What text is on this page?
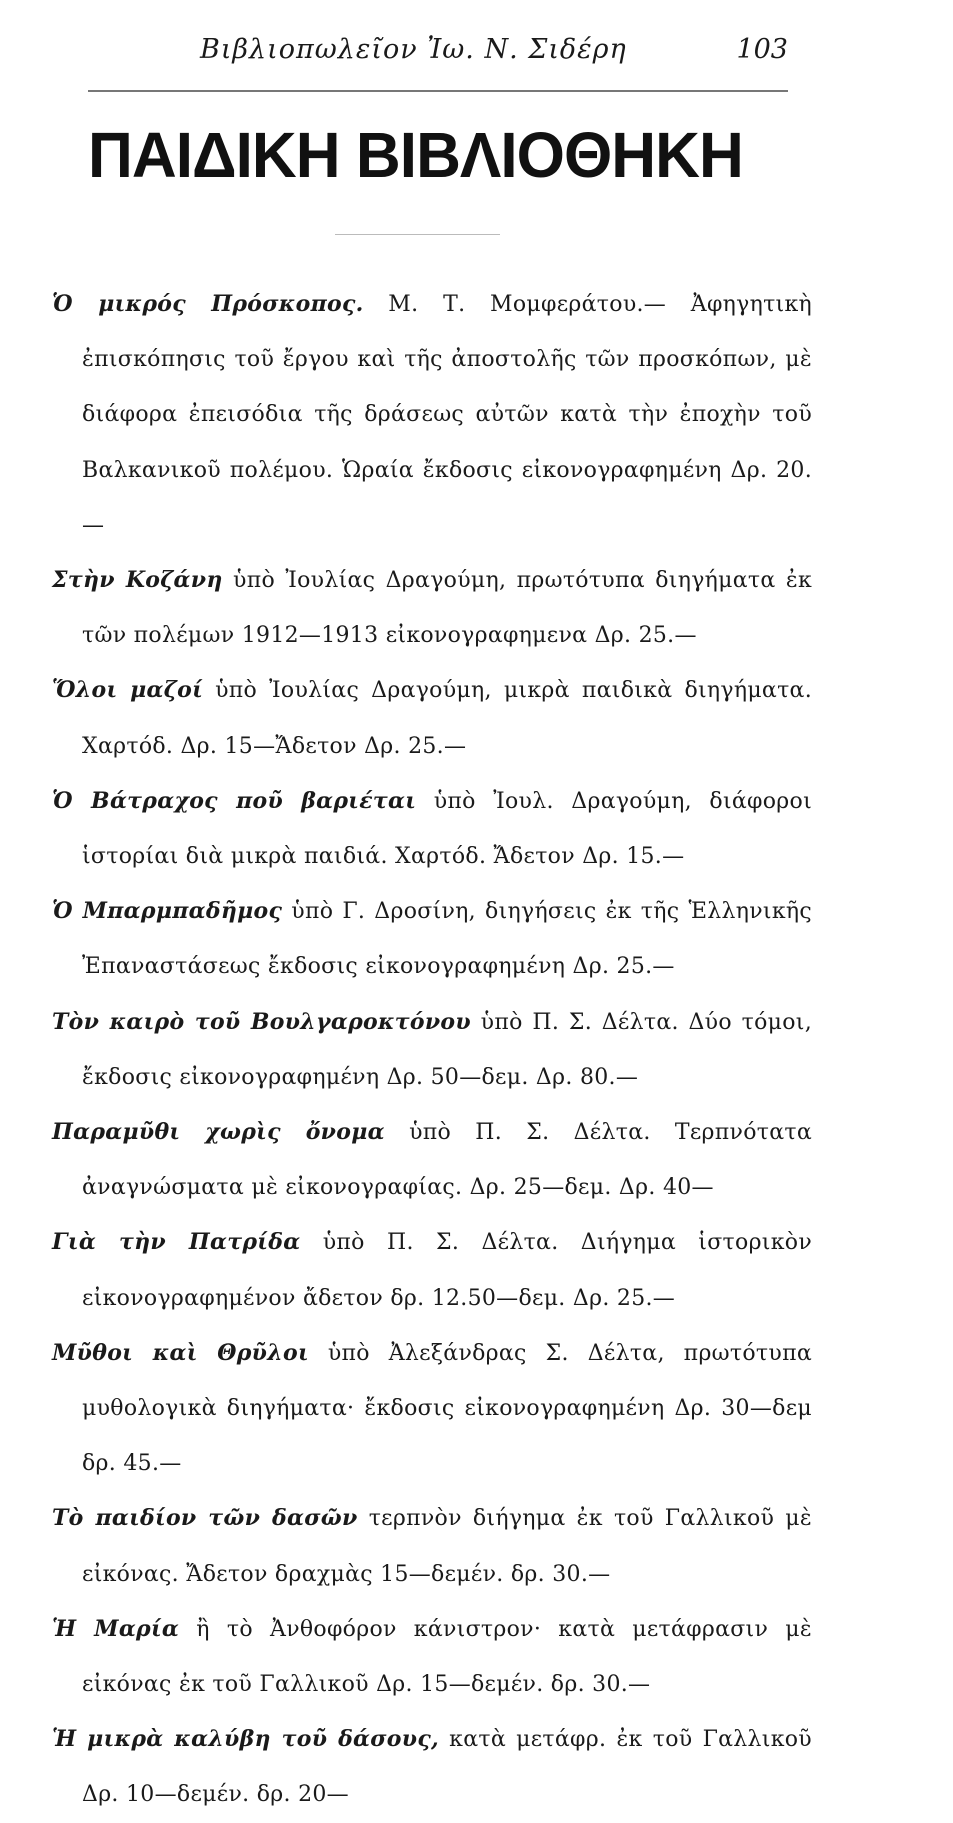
Βιβλιοπωλεῖον Ἰω. Ν. Σιδέρη	103
ΠΑΙΔΙΚΗ ΒΙΒΛΙΟΘΗΚΗ

Ὁ μικρός Πρόσκοπος. Μ. Τ. Μομφεράτου.— Ἀφηγητικὴ ἐπισκόπησις τοῦ ἔργου καὶ τῆς ἀποστολῆς τῶν προσκόπων, μὲ διάφορα ἐπεισόδια τῆς δράσεως αὐτῶν κατὰ τὴν ἐποχὴν τοῦ Βαλκανικοῦ πολέμου. Ὡραία ἔκδοσις εἰκονογραφημένη Δρ. 20.—

Στὴν Κοζάνη ὑπὸ Ἰουλίας Δραγούμη, πρωτότυπα διηγήματα ἐκ τῶν πολέμων 1912—1913 εἰκονογραφημενα Δρ. 25.—

Ὅλοι μαζοί ὑπὸ Ἰουλίας Δραγούμη, μικρὰ παιδικὰ διηγήματα. Χαρτόδ. Δρ. 15—Ἄδετον Δρ. 25.—

Ὁ Βάτραχος ποῦ βαριέται ὑπὸ Ἰουλ. Δραγούμη, διάφοροι ἱστορίαι διὰ μικρὰ παιδιά. Χαρτόδ. Ἄδετον Δρ. 15.—

Ὁ Μπαρμπαδῆμος ὑπὸ Γ. Δροσίνη, διηγήσεις ἐκ τῆς Ἑλληνικῆς Ἐπαναστάσεως ἔκδοσις εἰκονογραφημένη Δρ. 25.—

Τὸν καιρὸ τοῦ Βουλγαροκτόνου ὑπὸ Π. Σ. Δέλτα. Δύο τόμοι, ἔκδοσις εἰκονογραφημένη Δρ. 50—δεμ. Δρ. 80.—

Παραμῦθι χωρὶς ὄνομα ὑπὸ Π. Σ. Δέλτα. Τερπνότατα ἀναγνώσματα μὲ εἰκονογραφίας. Δρ. 25—δεμ. Δρ. 40—

Γιὰ τὴν Πατρίδα ὑπὸ Π. Σ. Δέλτα. Διήγημα ἱστορικὸν εἰκονογραφημένον ἄδετον δρ. 12.50—δεμ. Δρ. 25.—

Μῦθοι καὶ Θρῦλοι ὑπὸ Ἀλεξάνδρας Σ. Δέλτα, πρωτότυπα μυθολογικὰ διηγήματα· ἔκδοσις εἰκονογραφημένη Δρ. 30—δεμ δρ. 45.—

Τὸ παιδίον τῶν δασῶν τερπνὸν διήγημα ἐκ τοῦ Γαλλικοῦ μὲ εἰκόνας. Ἄδετον δραχμὰς 15—δεμέν. δρ. 30.—

Ἡ Μαρία ἢ τὸ Ἀνθοφόρον κάνιστρον· κατὰ μετάφρασιν μὲ εἰκόνας ἐκ τοῦ Γαλλικοῦ Δρ. 15—δεμέν. δρ. 30.—

Ἡ μικρὰ καλύβη τοῦ δάσους, κατὰ μετάφρ. ἐκ τοῦ Γαλλικοῦ Δρ. 10—δεμέν. δρ. 20—
